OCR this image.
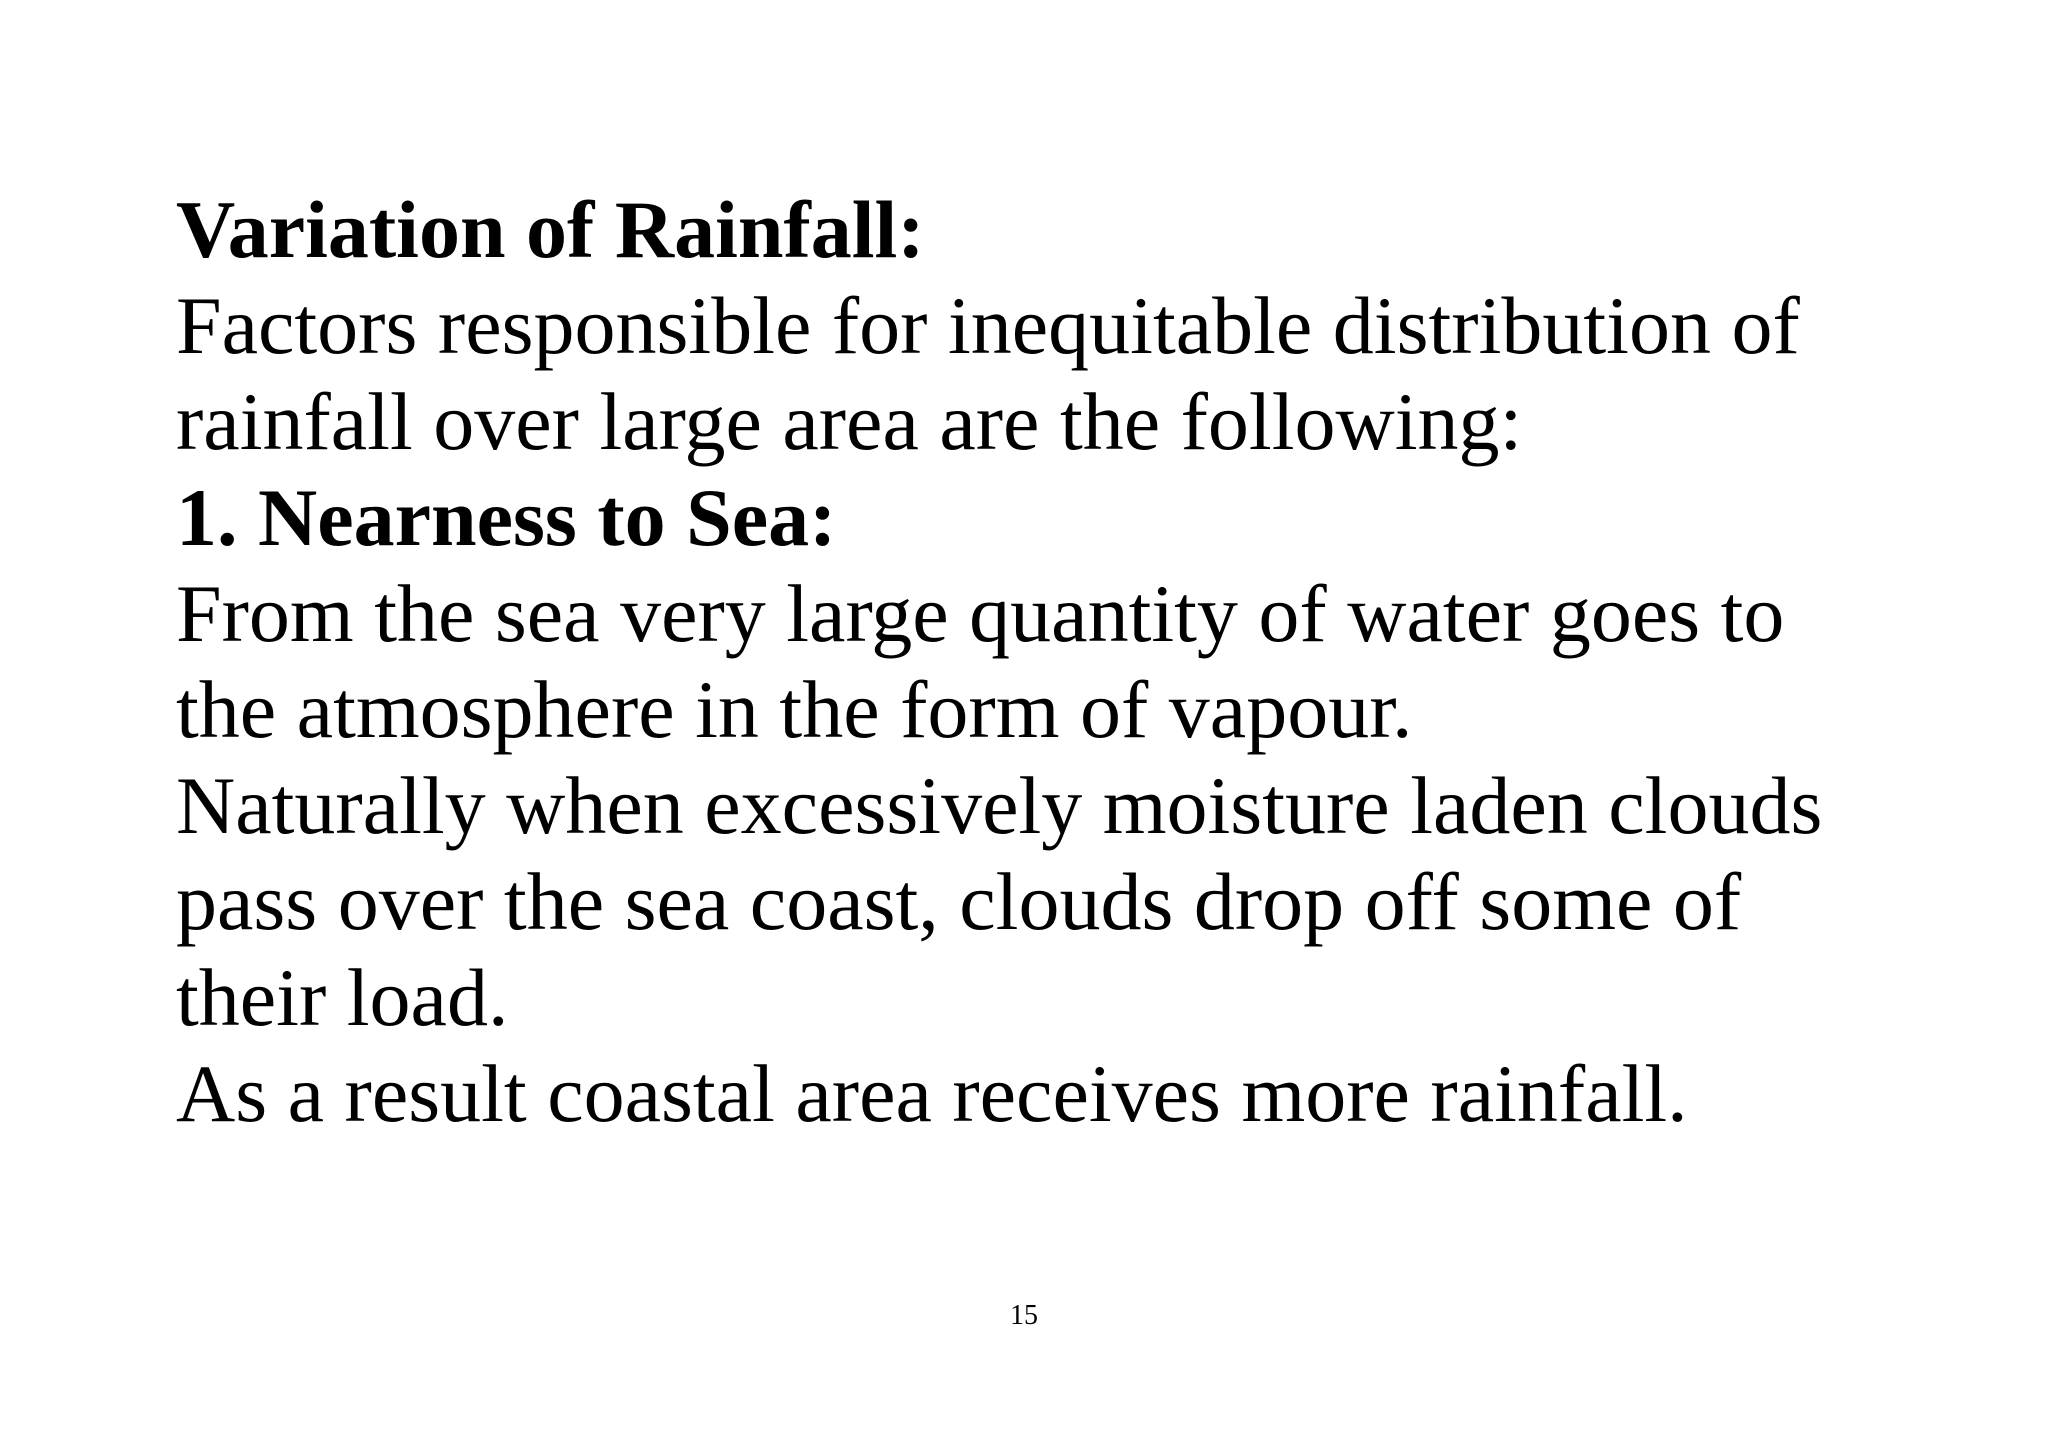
Variation of Rainfall:
Factors responsible for inequitable distribution of
rainfall over large area are the following:
1. Nearness to Sea:
From the sea very large quantity of water goes to
the atmosphere in the form of vapour.
Naturally when excessively moisture laden clouds
pass over the sea coast, clouds drop off some of
their load.
As a result coastal area receives more rainfall.
15
